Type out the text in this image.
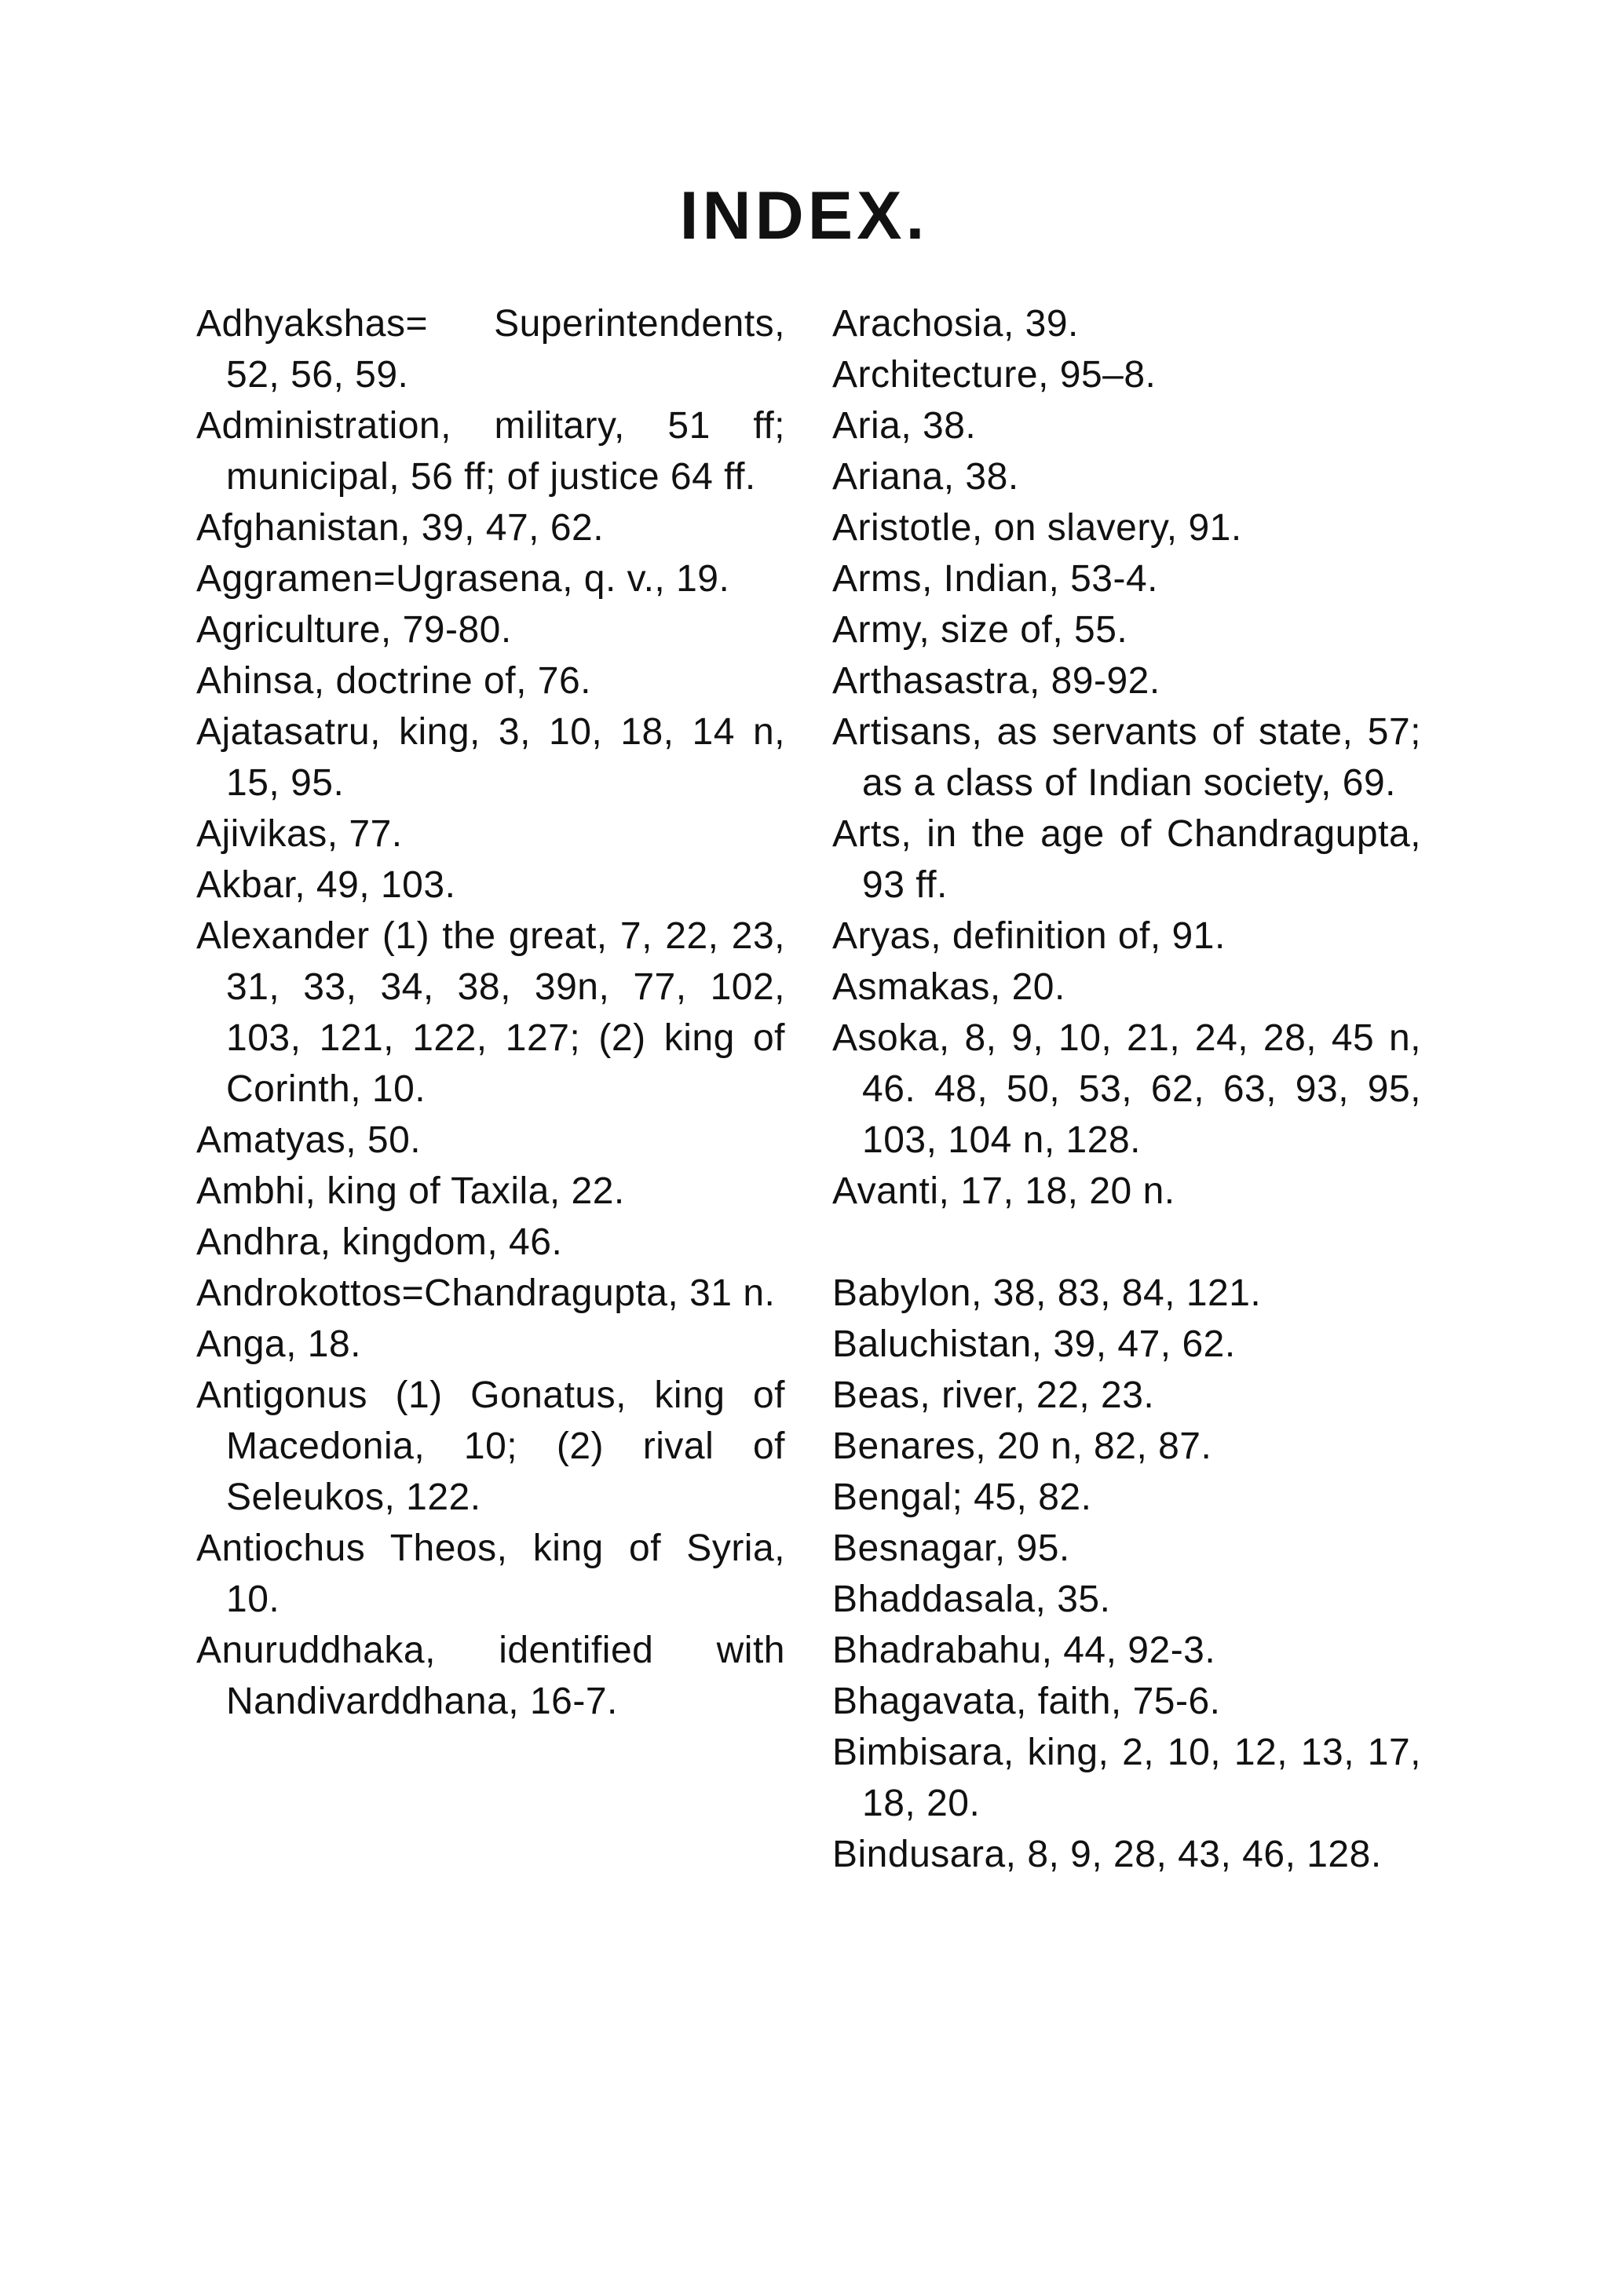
INDEX.
Adhyakshas= Superintendents, 52, 56, 59.
Administration, military, 51 ff; municipal, 56 ff; of justice 64 ff.
Afghanistan, 39, 47, 62.
Aggramen=Ugrasena, q. v., 19.
Agriculture, 79-80.
Ahinsa, doctrine of, 76.
Ajatasatru, king, 3, 10, 18, 14 n, 15, 95.
Ajivikas, 77.
Akbar, 49, 103.
Alexander (1) the great, 7, 22, 23, 31, 33, 34, 38, 39n, 77, 102, 103, 121, 122, 127; (2) king of Corinth, 10.
Amatyas, 50.
Ambhi, king of Taxila, 22.
Andhra, kingdom, 46.
Androkottos=Chandragupta, 31 n.
Anga, 18.
Antigonus (1) Gonatus, king of Macedonia, 10; (2) rival of Seleukos, 122.
Antiochus Theos, king of Syria, 10.
Anuruddhaka, identified with Nandivarddhana, 16-7.
Arachosia, 39.
Architecture, 95–8.
Aria, 38.
Ariana, 38.
Aristotle, on slavery, 91.
Arms, Indian, 53-4.
Army, size of, 55.
Arthasastra, 89-92.
Artisans, as servants of state, 57; as a class of Indian society, 69.
Arts, in the age of Chandragupta, 93 ff.
Aryas, definition of, 91.
Asmakas, 20.
Asoka, 8, 9, 10, 21, 24, 28, 45 n, 46. 48, 50, 53, 62, 63, 93, 95, 103, 104 n, 128.
Avanti, 17, 18, 20 n.
Babylon, 38, 83, 84, 121.
Baluchistan, 39, 47, 62.
Beas, river, 22, 23.
Benares, 20 n, 82, 87.
Bengal; 45, 82.
Besnagar, 95.
Bhaddasala, 35.
Bhadrabahu, 44, 92-3.
Bhagavata, faith, 75-6.
Bimbisara, king, 2, 10, 12, 13, 17, 18, 20.
Bindusara, 8, 9, 28, 43, 46, 128.
